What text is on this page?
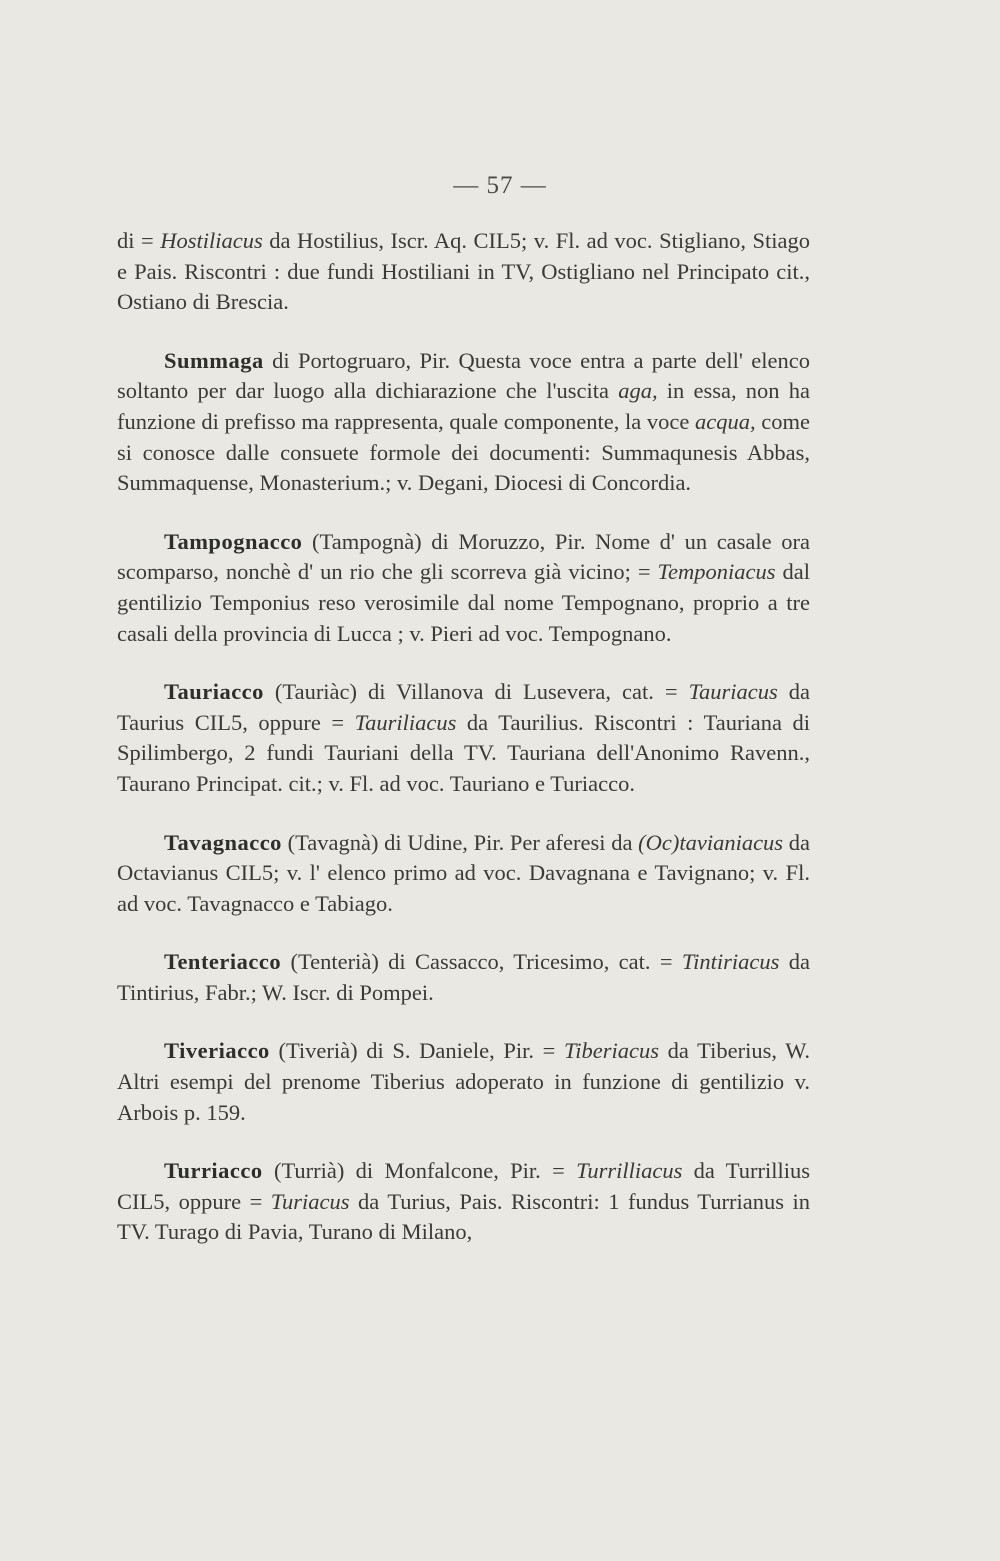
— 57 —

di = Hostiliacus da Hostilius, Iscr. Aq. CIL5; v. Fl. ad voc. Stigliano, Stiago e Pais. Riscontri : due fundi Hostiliani in TV, Ostigliano nel Principato cit., Ostiano di Brescia.

Summaga di Portogruaro, Pir. Questa voce entra a parte dell' elenco soltanto per dar luogo alla dichiarazione che l'uscita aga, in essa, non ha funzione di prefisso ma rappresenta, quale componente, la voce acqua, come si conosce dalle consuete formole dei documenti: Summaqunesis Abbas, Summaquense, Monasterium.; v. Degani, Diocesi di Concordia.

Tampognacco (Tampognà) di Moruzzo, Pir. Nome d' un casale ora scomparso, nonchè d' un rio che gli scorreva già vicino; = Temponiacus dal gentilizio Temponius reso verosimile dal nome Tempognano, proprio a tre casali della provincia di Lucca ; v. Pieri ad voc. Tempognano.

Tauriacco (Tauriàc) di Villanova di Lusevera, cat. = Tauriacus da Taurius CIL5, oppure = Tauriliacus da Taurilius. Riscontri : Tauriana di Spilimbergo, 2 fundi Tauriani della TV. Tauriana dell'Anonimo Ravenn., Taurano Principat. cit.; v. Fl. ad voc. Tauriano e Turiacco.

Tavagnacco (Tavagnà) di Udine, Pir. Per aferesi da (Oc)tavianiacus da Octavianus CIL5; v. l' elenco primo ad voc. Davagnana e Tavignano; v. Fl. ad voc. Tavagnacco e Tabiago.

Tenteriacco (Tenterià) di Cassacco, Tricesimo, cat. = Tintiriacus da Tintirius, Fabr.; W. Iscr. di Pompei.

Tiveriacco (Tiverià) di S. Daniele, Pir. = Tiberiacus da Tiberius, W. Altri esempi del prenome Tiberius adoperato in funzione di gentilizio v. Arbois p. 159.

Turriacco (Turrià) di Monfalcone, Pir. = Turrilliacus da Turrillius CIL5, oppure = Turiacus da Turius, Pais. Riscontri: 1 fundus Turrianus in TV. Turago di Pavia, Turano di Milano,
